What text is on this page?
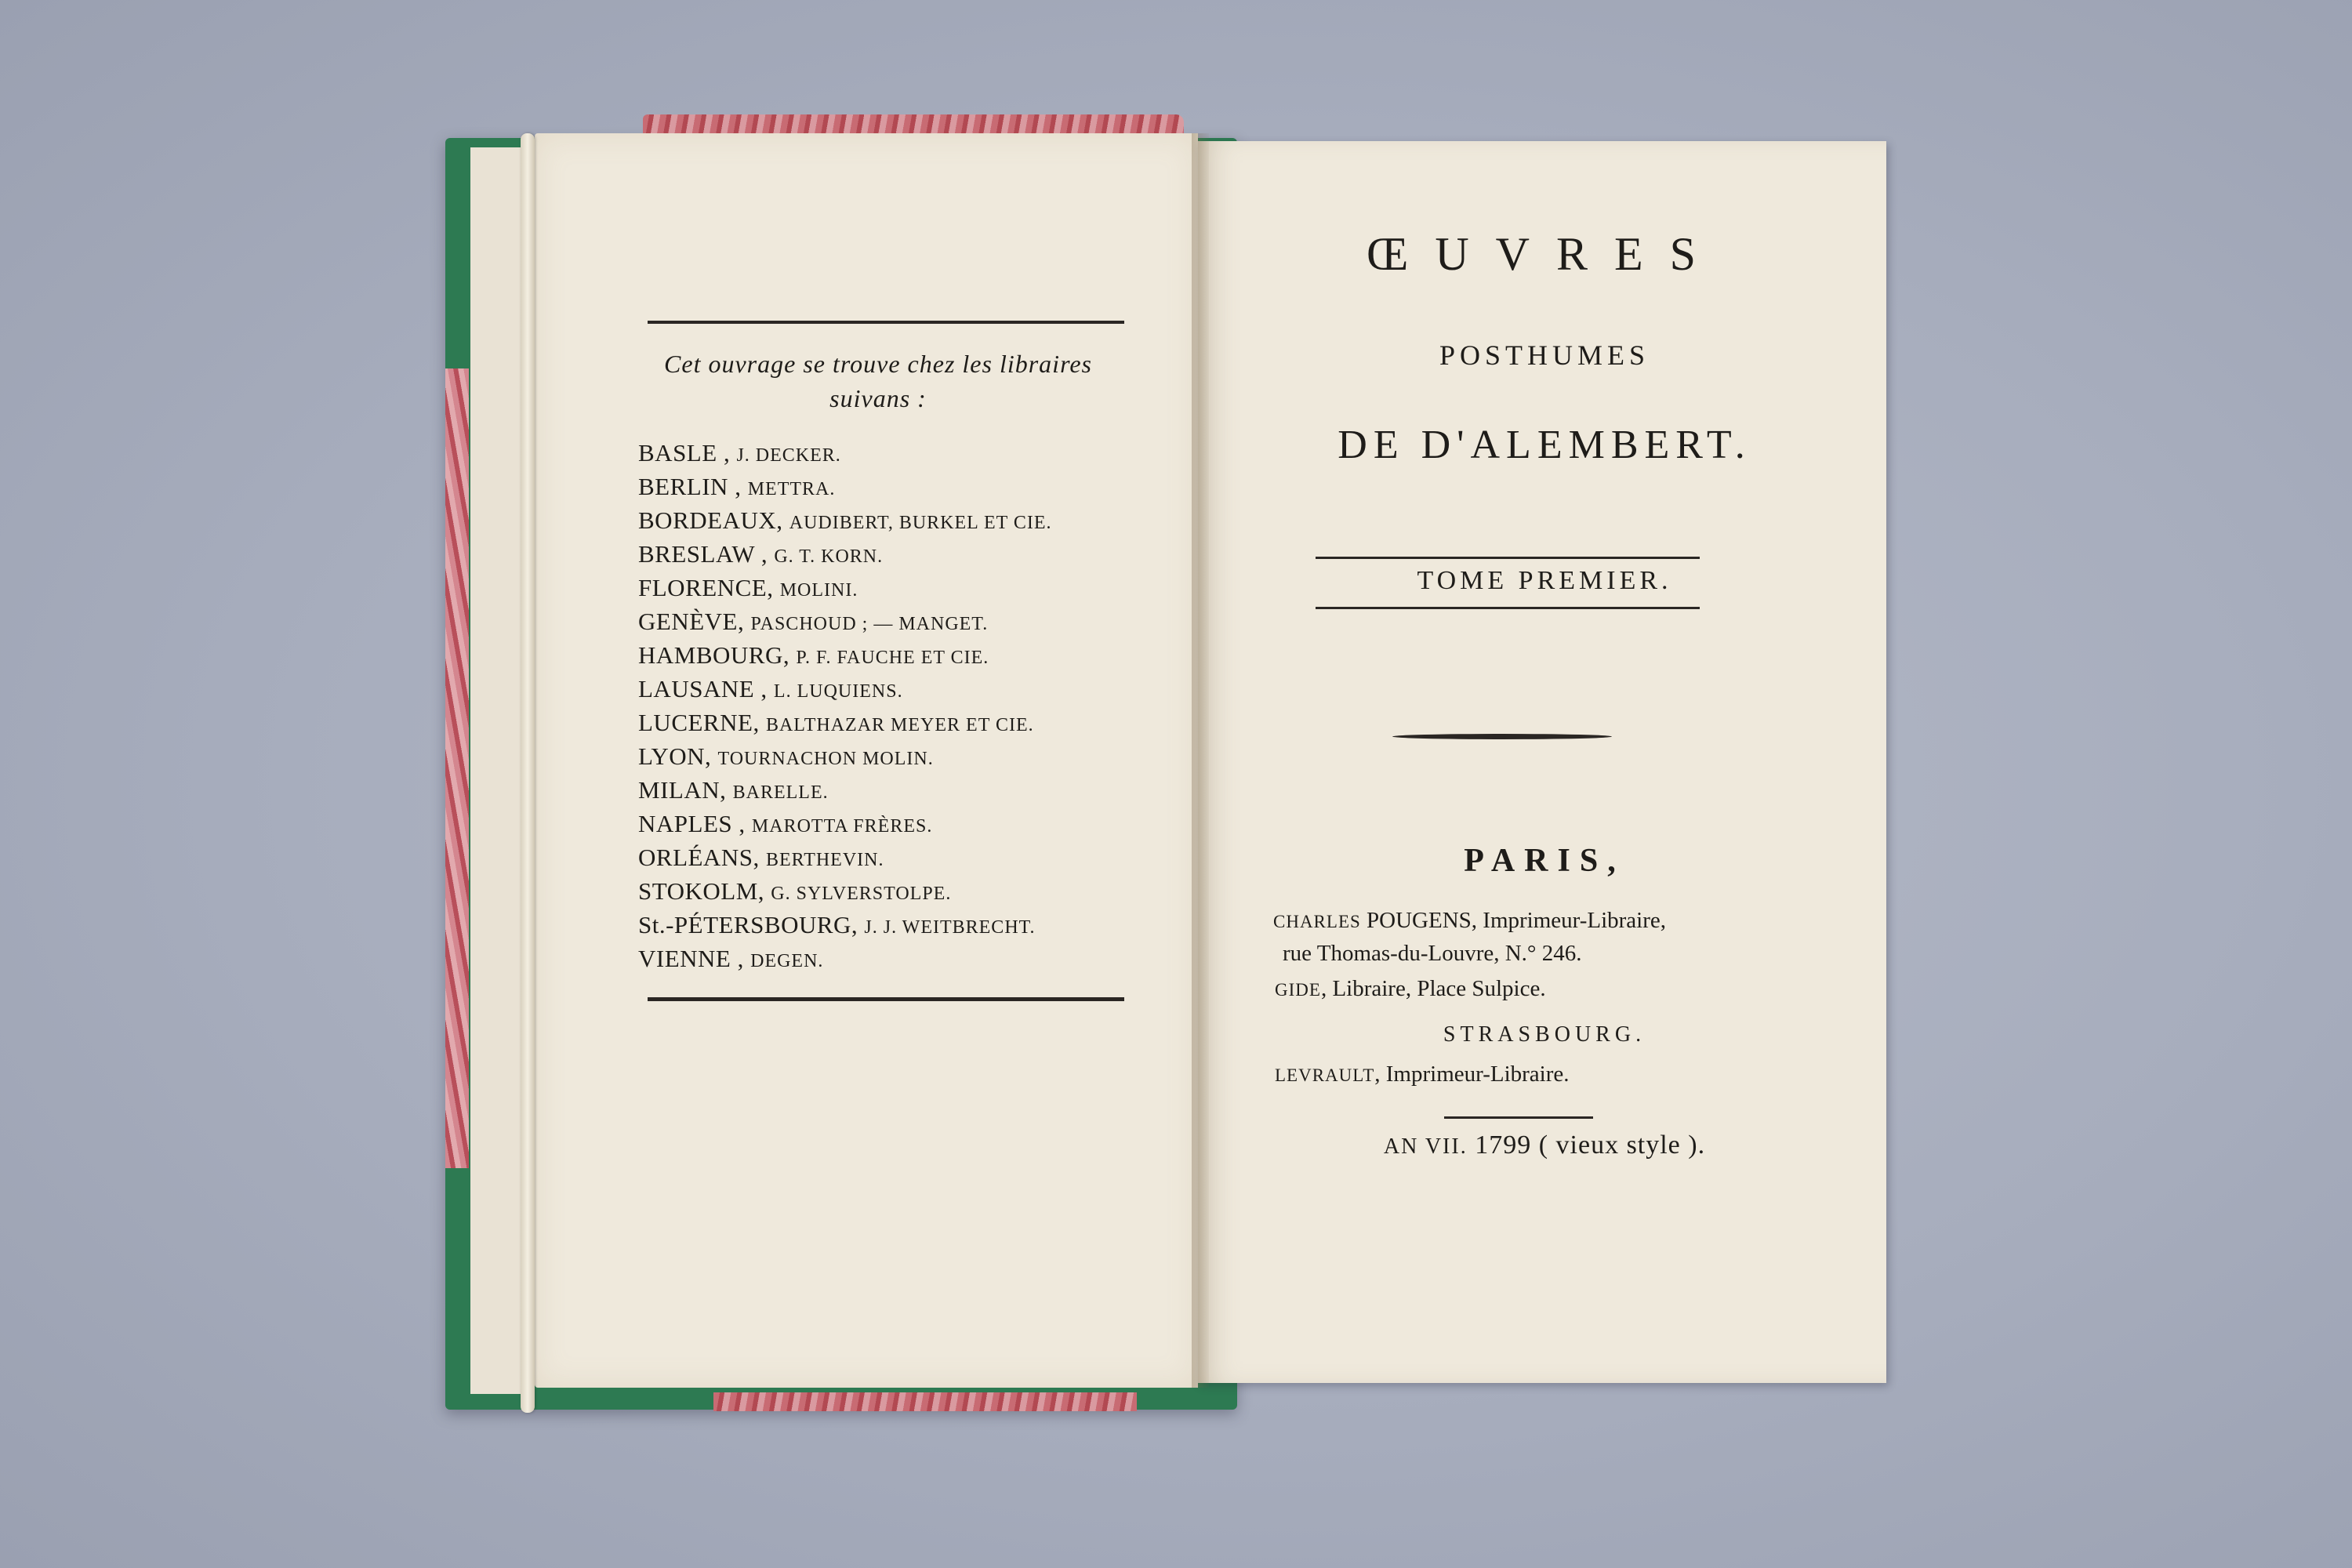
Cet ouvrage se trouve chez les libraires
suivans :
BASLE , J. DECKER.
BERLIN , METTRA.
BORDEAUX, AUDIBERT, BURKEL ET CIE.
BRESLAW , G. T. KORN.
FLORENCE, MOLINI.
GENÈVE, PASCHOUD ; — MANGET.
HAMBOURG, P. F. FAUCHE ET CIE.
LAUSANE , L. LUQUIENS.
LUCERNE, BALTHAZAR MEYER ET CIE.
LYON, TOURNACHON MOLIN.
MILAN, BARELLE.
NAPLES , MAROTTA FRÈRES.
ORLÉANS, BERTHEVIN.
STOKOLM, G. SYLVERSTOLPE.
St.-PÉTERSBOURG, J. J. WEITBRECHT.
VIENNE , DEGEN.
ŒUVRES
POSTHUMES
DE D'ALEMBERT.
TOME PREMIER.
PARIS,
CHARLES POUGENS, Imprimeur-Libraire,
rue Thomas-du-Louvre, N.° 246.
GIDE, Libraire, Place Sulpice.
STRASBOURG.
LEVRAULT, Imprimeur-Libraire.
AN VII. 1799 ( vieux style ).
